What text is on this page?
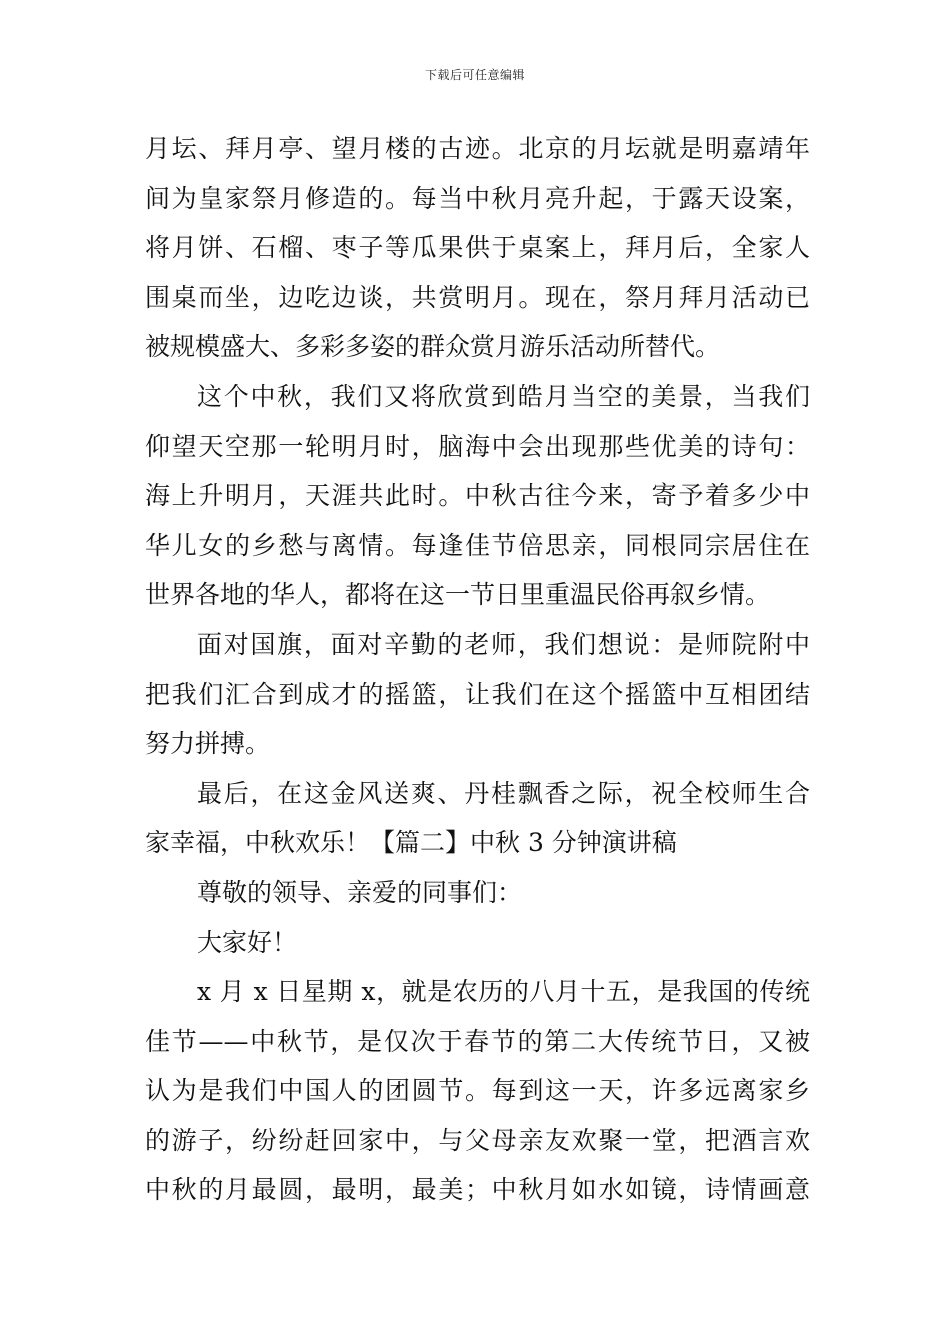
下载后可任意编辑
月坛、拜月亭、望月楼的古迹。北京的月坛就是明嘉靖年
间为皇家祭月修造的。每当中秋月亮升起，于露天设案，
将月饼、石榴、枣子等瓜果供于桌案上，拜月后，全家人
围桌而坐，边吃边谈，共赏明月。现在，祭月拜月活动已
被规模盛大、多彩多姿的群众赏月游乐活动所替代。
这个中秋，我们又将欣赏到皓月当空的美景，当我们
仰望天空那一轮明月时，脑海中会出现那些优美的诗句：
海上升明月，天涯共此时。中秋古往今来，寄予着多少中
华儿女的乡愁与离情。每逢佳节倍思亲，同根同宗居住在
世界各地的华人，都将在这一节日里重温民俗再叙乡情。
面对国旗，面对辛勤的老师，我们想说：是师院附中
把我们汇合到成才的摇篮，让我们在这个摇篮中互相团结
努力拼搏。
最后，在这金风送爽、丹桂飘香之际，祝全校师生合
家幸福，中秋欢乐！【篇二】中秋 3 分钟演讲稿
尊敬的领导、亲爱的同事们：
大家好！
x 月 x 日星期 x，就是农历的八月十五，是我国的传统
佳节——中秋节，是仅次于春节的第二大传统节日，又被
认为是我们中国人的团圆节。每到这一天，许多远离家乡
的游子，纷纷赶回家中，与父母亲友欢聚一堂，把酒言欢
中秋的月最圆，最明，最美；中秋月如水如镜，诗情画意
